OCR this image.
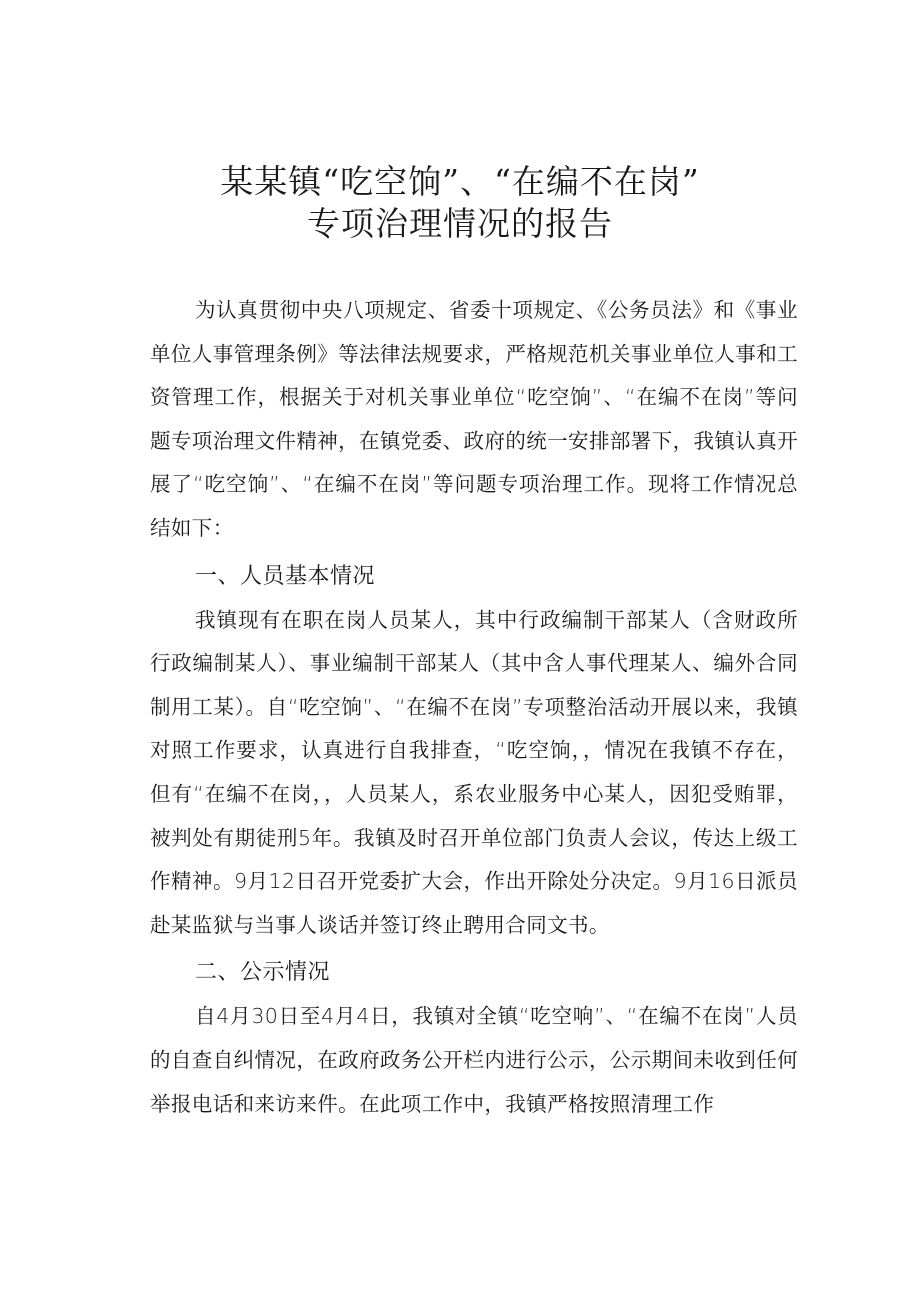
某某镇“吃空饷”、“在编不在岗”
专项治理情况的报告

为认真贯彻中央八项规定、省委十项规定、《公务员法》和《事业单位人事管理条例》等法律法规要求，严格规范机关事业单位人事和工资管理工作，根据关于对机关事业单位“吃空饷”、“在编不在岗”等问题专项治理文件精神，在镇党委、政府的统一安排部署下，我镇认真开展了“吃空饷”、“在编不在岗”等问题专项治理工作。现将工作情况总结如下：

一、人员基本情况

我镇现有在职在岗人员某人，其中行政编制干部某人（含财政所行政编制某人）、事业编制干部某人（其中含人事代理某人、编外合同制用工某）。自“吃空饷”、“在编不在岗”专项整治活动开展以来，我镇对照工作要求，认真进行自我排查，“吃空饷，，情况在我镇不存在，但有“在编不在岗，，人员某人，系农业服务中心某人，因犯受贿罪，被判处有期徒刑5年。我镇及时召开单位部门负责人会议，传达上级工作精神。9月12日召开党委扩大会，作出开除处分决定。9月16日派员赴某监狱与当事人谈话并签订终止聘用合同文书。

二、公示情况

自4月30日至4月4日，我镇对全镇“吃空响”、“在编不在岗”人员的自查自纠情况，在政府政务公开栏内进行公示，公示期间未收到任何举报电话和来访来件。在此项工作中，我镇严格按照清理工作
